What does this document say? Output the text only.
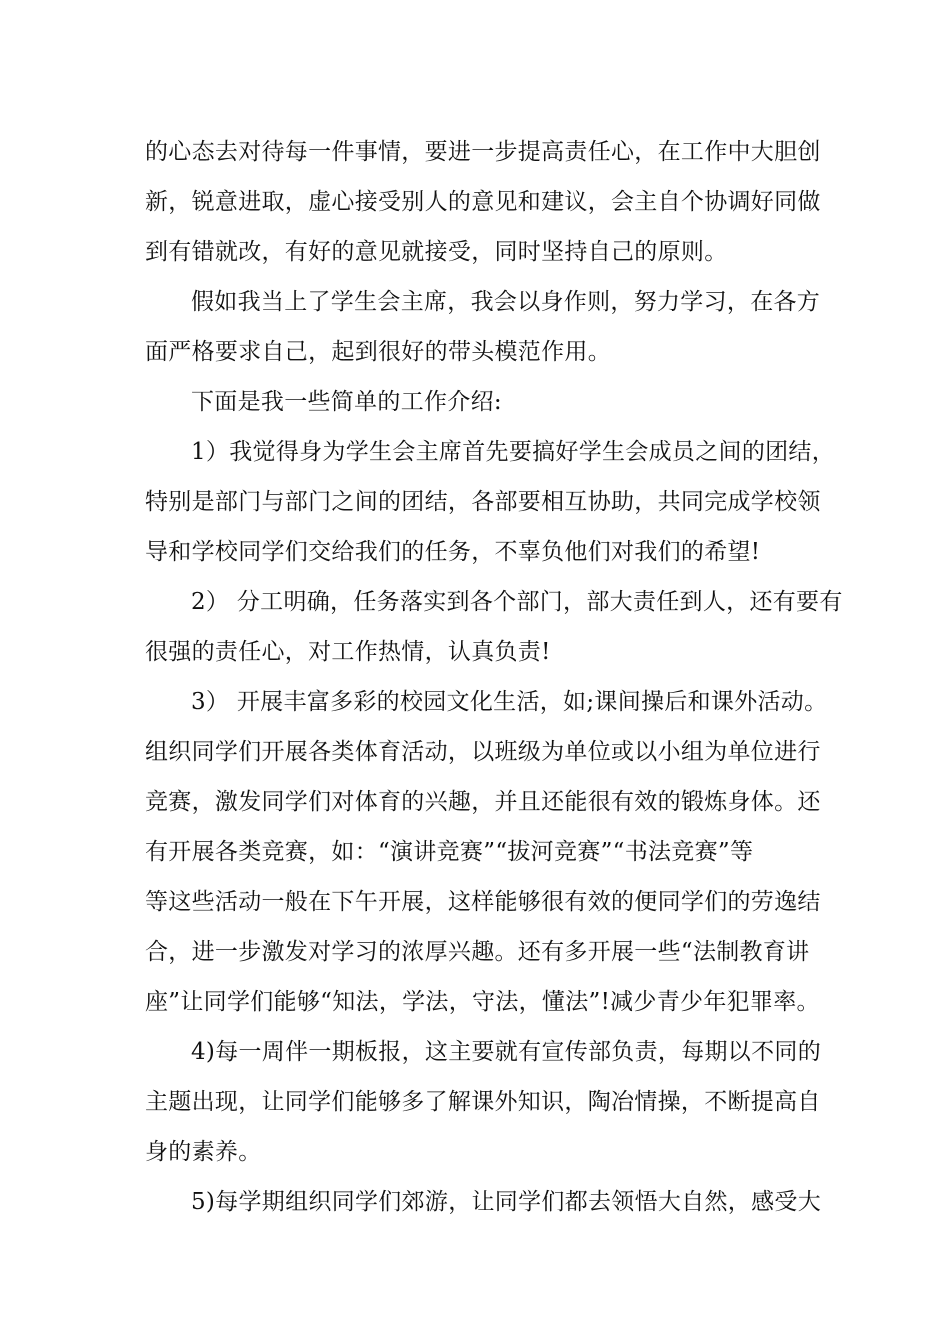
的心态去对待每一件事情，要进一步提高责任心，在工作中大胆创
新，锐意进取，虚心接受别人的意见和建议，会主自个协调好同做
到有错就改，有好的意见就接受，同时坚持自己的原则。

假如我当上了学生会主席，我会以身作则，努力学习，在各方
面严格要求自己，起到很好的带头模范作用。

下面是我一些简单的工作介绍:

1）我觉得身为学生会主席首先要搞好学生会成员之间的团结，
特别是部门与部门之间的团结，各部要相互协助，共同完成学校领
导和学校同学们交给我们的任务，不辜负他们对我们的希望!

2） 分工明确，任务落实到各个部门，部大责任到人，还有要有
很强的责任心，对工作热情，认真负责!

3） 开展丰富多彩的校园文化生活，如;课间操后和课外活动。
组织同学们开展各类体育活动，以班级为单位或以小组为单位进行
竞赛，激发同学们对体育的兴趣，并且还能很有效的锻炼身体。还
有开展各类竞赛，如：“演讲竞赛”“拔河竞赛”“书法竞赛”等
等这些活动一般在下午开展，这样能够很有效的便同学们的劳逸结
合，进一步激发对学习的浓厚兴趣。还有多开展一些“法制教育讲
座”让同学们能够“知法，学法，守法，懂法”!减少青少年犯罪率。

4)每一周伴一期板报，这主要就有宣传部负责，每期以不同的
主题出现，让同学们能够多了解课外知识，陶冶情操，不断提高自
身的素养。

5)每学期组织同学们郊游，让同学们都去领悟大自然，感受大
